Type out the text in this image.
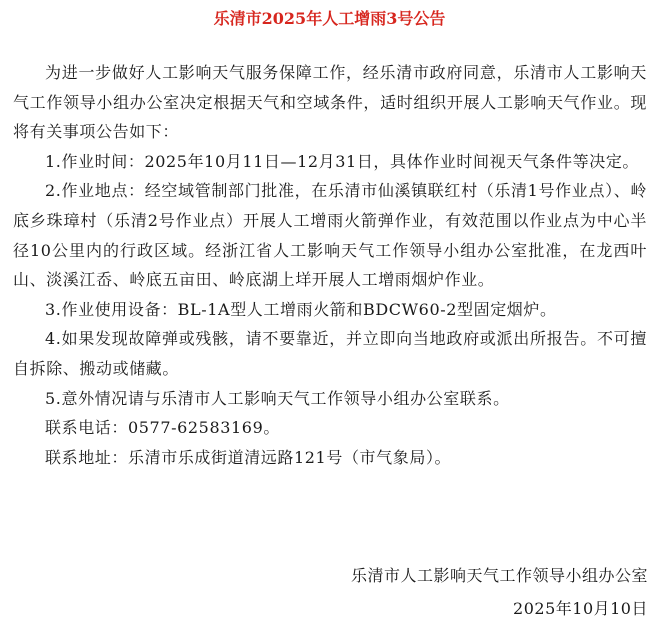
乐清市2025年人工增雨3号公告

为进一步做好人工影响天气服务保障工作，经乐清市政府同意，乐清市人工影响天气工作领导小组办公室决定根据天气和空域条件，适时组织开展人工影响天气作业。现将有关事项公告如下：

1.作业时间：2025年10月11日—12月31日，具体作业时间视天气条件等决定。

2.作业地点：经空域管制部门批准，在乐清市仙溪镇联红村（乐清1号作业点）、岭底乡珠璋村（乐清2号作业点）开展人工增雨火箭弹作业，有效范围以作业点为中心半径10公里内的行政区域。经浙江省人工影响天气工作领导小组办公室批准，在龙西叶山、淡溪江岙、岭底五亩田、岭底湖上垟开展人工增雨烟炉作业。

3.作业使用设备：BL-1A型人工增雨火箭和BDCW60-2型固定烟炉。

4.如果发现故障弹或残骸，请不要靠近，并立即向当地政府或派出所报告。不可擅自拆除、搬动或储藏。

5.意外情况请与乐清市人工影响天气工作领导小组办公室联系。

联系电话：0577-62583169。

联系地址：乐清市乐成街道清远路121号（市气象局）。

乐清市人工影响天气工作领导小组办公室
2025年10月10日
